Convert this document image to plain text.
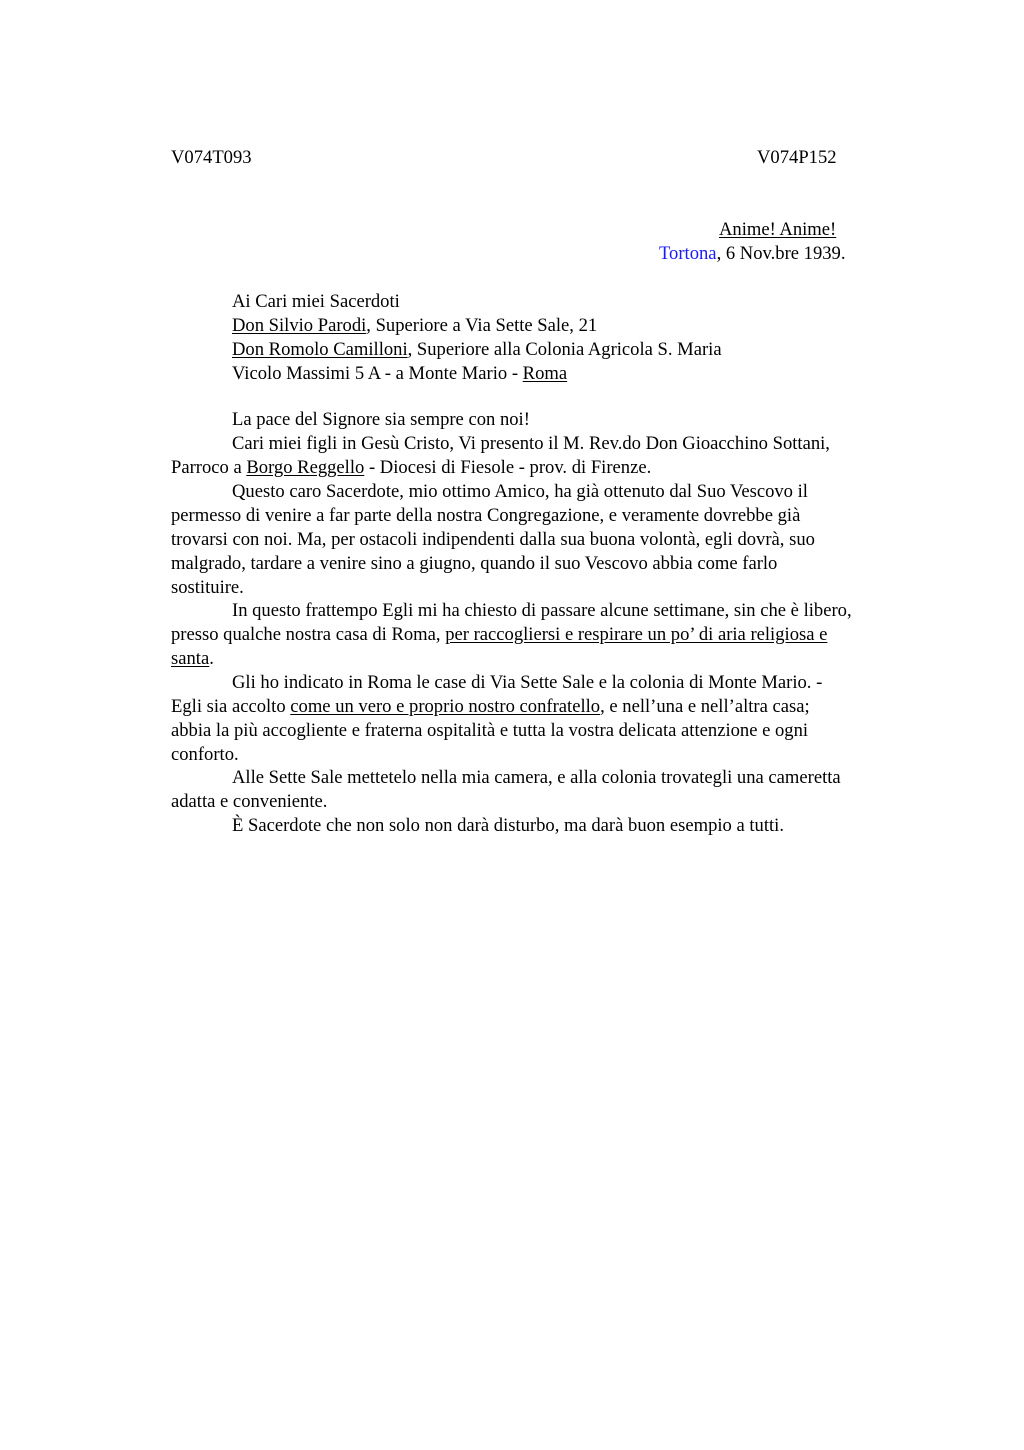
V074T093	V074P152
Anime! Anime!
Tortona, 6 Nov.bre 1939.
Ai Cari miei Sacerdoti
Don Silvio Parodi, Superiore a Via Sette Sale, 21
Don Romolo Camilloni, Superiore alla Colonia Agricola S. Maria
Vicolo Massimi 5 A - a Monte Mario - Roma
La pace del Signore sia sempre con noi!
Cari miei figli in Gesù Cristo, Vi presento il M. Rev.do Don Gioacchino Sottani,
Parroco a Borgo Reggello - Diocesi di Fiesole - prov. di Firenze.
Questo caro Sacerdote, mio ottimo Amico, ha già ottenuto dal Suo Vescovo il
permesso di venire a far parte della nostra Congregazione, e veramente dovrebbe già
trovarsi con noi. Ma, per ostacoli indipendenti dalla sua buona volontà, egli dovrà, suo
malgrado, tardare a venire sino a giugno, quando il suo Vescovo abbia come farlo
sostituire.
In questo frattempo Egli mi ha chiesto di passare alcune settimane, sin che è libero,
presso qualche nostra casa di Roma, per raccogliersi e respirare un po’ di aria religiosa e
santa.
Gli ho indicato in Roma le case di Via Sette Sale e la colonia di Monte Mario. -
Egli sia accolto come un vero e proprio nostro confratello, e nell’una e nell’altra casa;
abbia la più accogliente e fraterna ospitalità e tutta la vostra delicata attenzione e ogni
conforto.
Alle Sette Sale mettetelo nella mia camera, e alla colonia trovategli una cameretta
adatta e conveniente.
È Sacerdote che non solo non darà disturbo, ma darà buon esempio a tutti.
